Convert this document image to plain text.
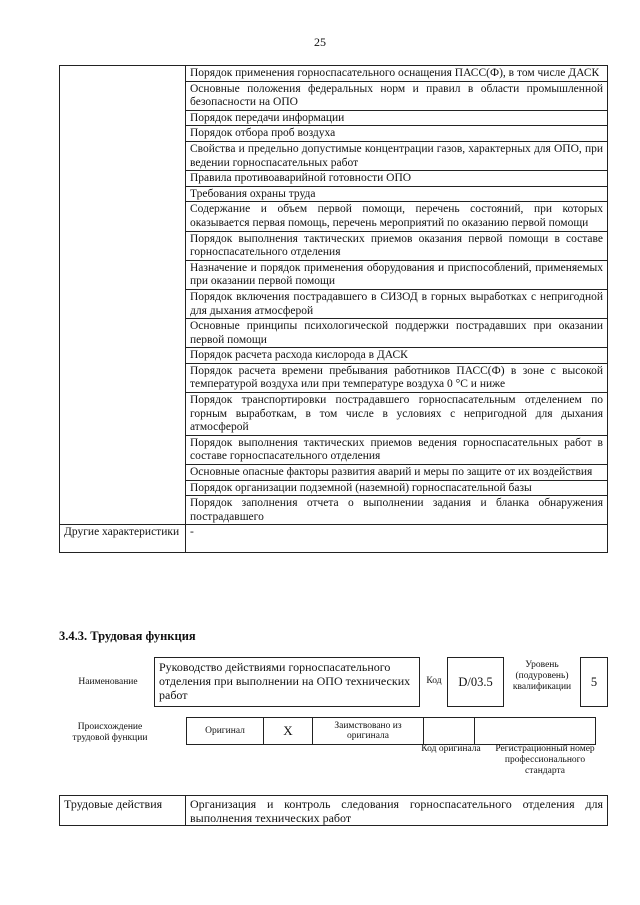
25
	Порядок применения горноспасательного оснащения ПАСС(Ф), в том числе ДАСК
	Основные положения федеральных норм и правил в области промышленной безопасности на ОПО
	Порядок передачи информации
	Порядок отбора проб воздуха
	Свойства и предельно допустимые концентрации газов, характерных для ОПО, при ведении горноспасательных работ
	Правила противоаварийной готовности ОПО
	Требования охраны труда
	Содержание и объем первой помощи, перечень состояний, при которых оказывается первая помощь, перечень мероприятий по оказанию первой помощи
	Порядок выполнения тактических приемов оказания первой помощи в составе горноспасательного отделения
	Назначение и порядок применения оборудования и приспособлений, применяемых при оказании первой помощи
	Порядок включения пострадавшего в СИЗОД в горных выработках с непригодной для дыхания атмосферой
	Основные принципы психологической поддержки пострадавших при оказании первой помощи
	Порядок расчета расхода кислорода в ДАСК
	Порядок расчета времени пребывания работников ПАСС(Ф) в зоне с высокой температурой воздуха или при температуре воздуха 0 °С и ниже
	Порядок транспортировки пострадавшего горноспасательным отделением по горным выработкам, в том числе в условиях с непригодной для дыхания атмосферой
	Порядок выполнения тактических приемов ведения горноспасательных работ в составе горноспасательного отделения
	Основные опасные факторы развития аварий и меры по защите от их воздействия
	Порядок организации подземной (наземной) горноспасательной базы
	Порядок заполнения отчета о выполнении задания и бланка обнаружения пострадавшего
Другие характеристики	-
3.4.3. Трудовая функция
Наименование
Руководство действиями горноспасательного отделения при выполнении на ОПО технических работ
Код	D/03.5
Уровень (подуровень) квалификации	5
Происхождение трудовой функции
Оригинал	X	Заимствовано из оригинала		
Код оригинала	Регистрационный номер профессионального стандарта
Трудовые действия	Организация и контроль следования горноспасательного отделения для выполнения технических работ
